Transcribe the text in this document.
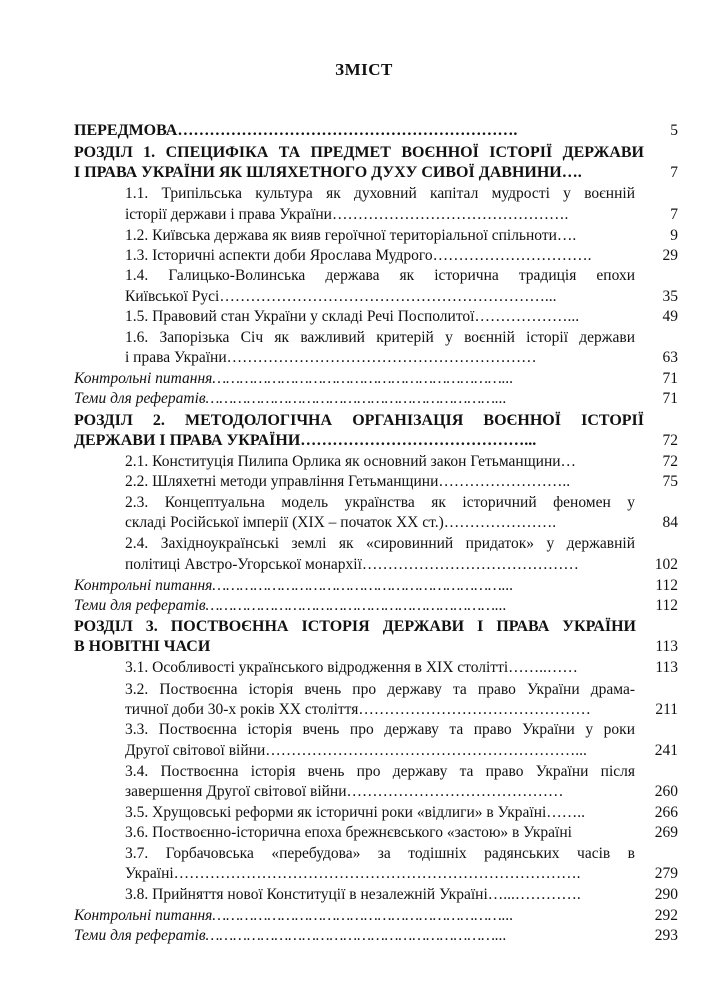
ЗМІСТ
ПЕРЕДМОВА……………………………………………………….	5
РОЗДІЛ 1. СПЕЦИФІКА ТА ПРЕДМЕТ ВОЄННОЇ ІСТОРІЇ ДЕРЖАВИ
І ПРАВА УКРАЇНИ ЯК ШЛЯХЕТНОГО ДУХУ СИВОЇ ДАВНИНИ….	7
1.1. Трипільська культура як духовний капітал мудрості у воєнній
історії держави і права України……………………………………….	7
1.2. Київська держава як вияв героїчної територіальної спільноти….	9
1.3. Історичні аспекти доби Ярослава Мудрого………………………….	29
1.4. Галицько-Волинська держава як історична традиція епохи
Київської Русі………………………………………………………...	35
1.5. Правовий стан України у складі Речі Посполитої………………...	49
1.6. Запорізька Січ як важливий критерій у воєнній історії держави
і права України……………………………………………………	63
Контрольні питання………………………………………………………...	71
Теми для рефератів………………………………………………………...	71
РОЗДІЛ 2. МЕТОДОЛОГІЧНА ОРГАНІЗАЦІЯ ВОЄННОЇ ІСТОРІЇ
ДЕРЖАВИ І ПРАВА УКРАЇНИ……………………………………...	72
2.1. Конституція Пилипа Орлика як основний закон Гетьманщини…	72
2.2. Шляхетні методи управління Гетьманщини……………………..	75
2.3. Концептуальна модель українства як історичний феномен у
складі Російської імперії (ХІХ – початок ХХ ст.)………………….	84
2.4. Західноукраїнські землі як «сировинний придаток» у державній
політиці Австро-Угорської монархії……………………………………	102
Контрольні питання………………………………………………………...	112
Теми для рефератів………………………………………………………...	112
РОЗДІЛ 3. ПОСТВОЄННА ІСТОРІЯ ДЕРЖАВИ І ПРАВА УКРАЇНИ
В НОВІТНІ ЧАСИ	113
3.1. Особливості українського відродження в ХІХ столітті……..……	113
3.2. Поствоєнна історія вчень про державу та право України драма-
тичної доби 30-х років ХХ століття………………………………………	211
3.3. Поствоєнна історія вчень про державу та право України у роки
Другої світової війни……………………………………………………...	241
3.4. Поствоєнна історія вчень про державу та право України після
завершення Другої світової війни……………………………………	260
3.5. Хрущовські реформи як історичні роки «відлиги» в Україні……..	266
3.6. Поствоєнно-історична епоха брежнєвського «застою» в Україні	269
3.7. Горбачовська «перебудова» за тодішніх радянських часів в
Україні…………………………………………………………………….	279
3.8. Прийняття нової Конституції в незалежній Україні…...………….	290
Контрольні питання………………………………………………………...	292
Теми для рефератів………………………………………………………...	293
